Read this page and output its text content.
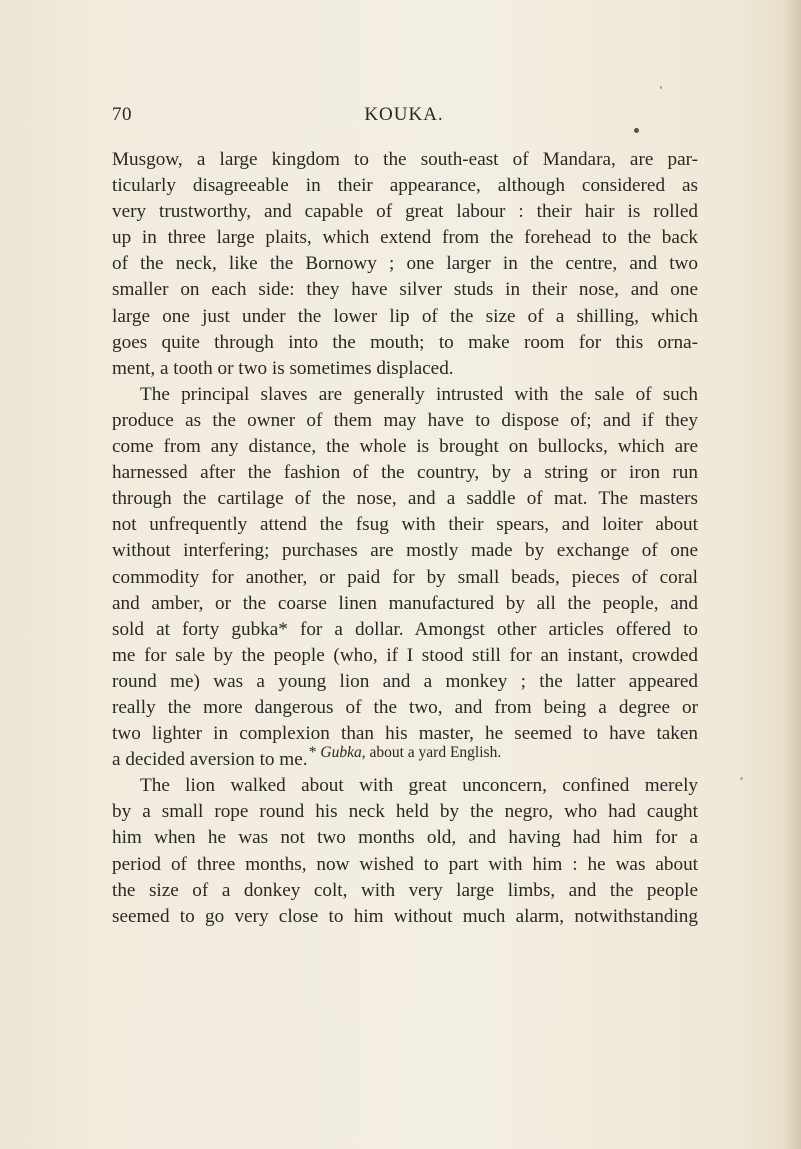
70	KOUKA.
Musgow, a large kingdom to the south-east of Mandara, are par-
ticularly disagreeable in their appearance, although considered as
very trustworthy, and capable of great labour : their hair is rolled
up in three large plaits, which extend from the forehead to the back
of the neck, like the Bornowy ; one larger in the centre, and two
smaller on each side: they have silver studs in their nose, and one
large one just under the lower lip of the size of a shilling, which
goes quite through into the mouth; to make room for this orna-
ment, a tooth or two is sometimes displaced.
The principal slaves are generally intrusted with the sale of such
produce as the owner of them may have to dispose of; and if they
come from any distance, the whole is brought on bullocks, which are
harnessed after the fashion of the country, by a string or iron run
through the cartilage of the nose, and a saddle of mat. The masters
not unfrequently attend the fsug with their spears, and loiter about
without interfering; purchases are mostly made by exchange of one
commodity for another, or paid for by small beads, pieces of coral
and amber, or the coarse linen manufactured by all the people, and
sold at forty gubka* for a dollar. Amongst other articles offered to
me for sale by the people (who, if I stood still for an instant, crowded
round me) was a young lion and a monkey ; the latter appeared
really the more dangerous of the two, and from being a degree or
two lighter in complexion than his master, he seemed to have taken
a decided aversion to me.
The lion walked about with great unconcern, confined merely
by a small rope round his neck held by the negro, who had caught
him when he was not two months old, and having had him for a
period of three months, now wished to part with him : he was about
the size of a donkey colt, with very large limbs, and the people
seemed to go very close to him without much alarm, notwithstanding
* Gubka, about a yard English.
